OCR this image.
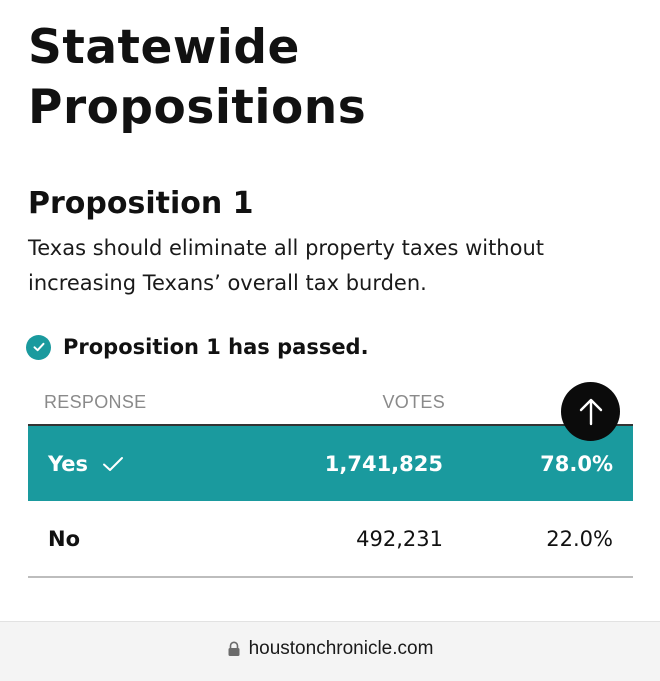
Statewide Propositions
Proposition 1

Texas should eliminate all property taxes without increasing Texans’ overall tax burden.

Proposition 1 has passed.
RESPONSE	VOTES
Yes	1,741,825	78.0%
No	492,231	22.0%
houstonchronicle.com
